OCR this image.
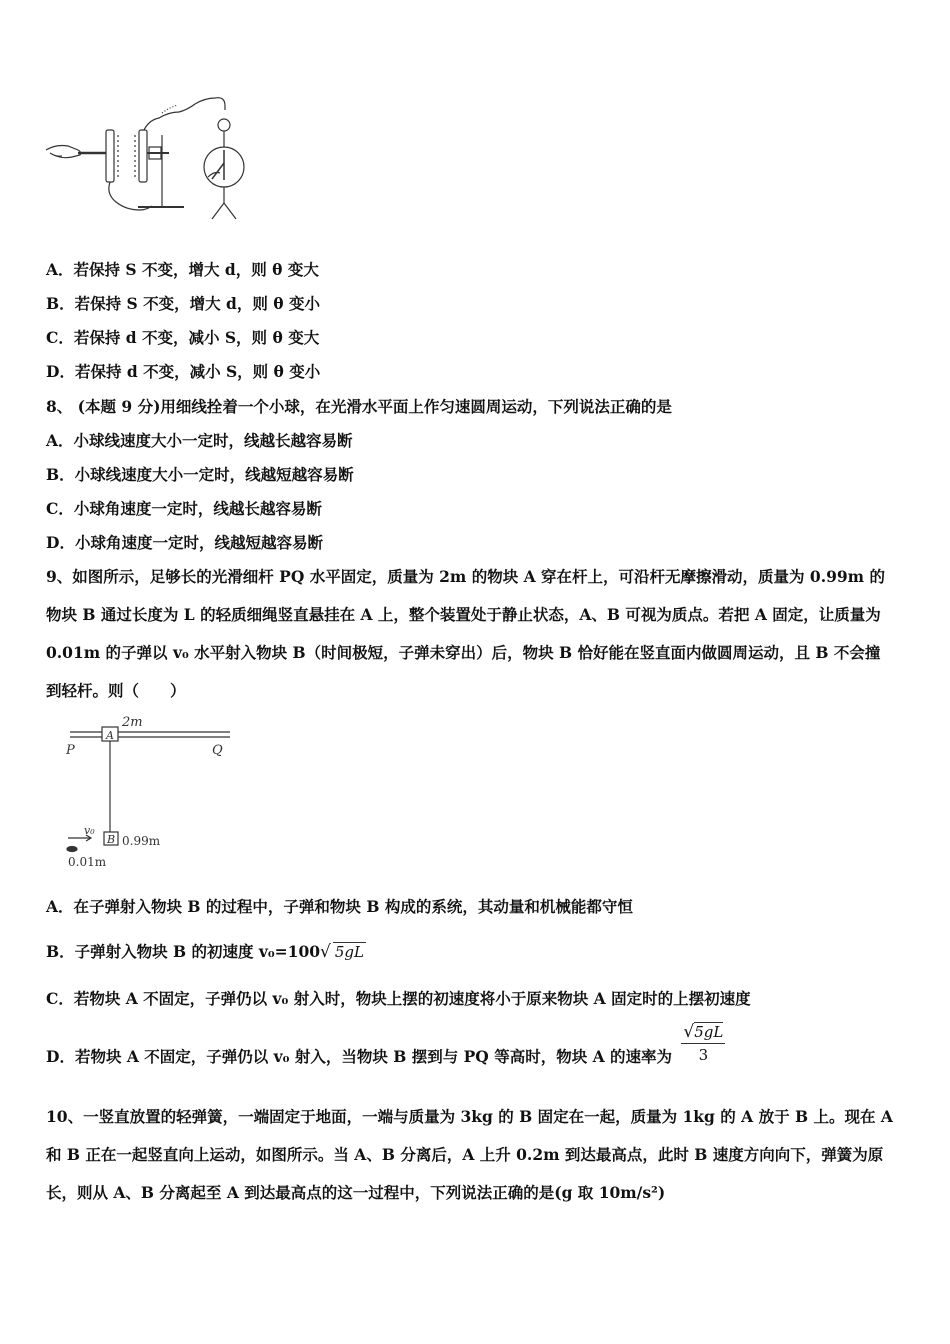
A．若保持 S 不变，增大 d，则 θ 变大
B．若保持 S 不变，增大 d，则 θ 变小
C．若保持 d 不变，减小 S，则 θ 变大
D．若保持 d 不变，减小 S，则 θ 变小
8、 (本题 9 分)用细线拴着一个小球，在光滑水平面上作匀速圆周运动，下列说法正确的是
A．小球线速度大小一定时，线越长越容易断
B．小球线速度大小一定时，线越短越容易断
C．小球角速度一定时，线越长越容易断
D．小球角速度一定时，线越短越容易断
9、如图所示，足够长的光滑细杆 PQ 水平固定，质量为 2m 的物块 A 穿在杆上，可沿杆无摩擦滑动，质量为 0.99m 的
物块 B 通过长度为 L 的轻质细绳竖直悬挂在 A 上，整个装置处于静止状态，A、B 可视为质点。若把 A 固定，让质量为
0.01m 的子弹以 v₀ 水平射入物块 B（时间极短，子弹未穿出）后，物块 B 恰好能在竖直面内做圆周运动，且 B 不会撞
到轻杆。则（　　）
2m
P	Q
A
B
v₀
0.01m
0.99m
A．在子弹射入物块 B 的过程中，子弹和物块 B 构成的系统，其动量和机械能都守恒
B．子弹射入物块 B 的初速度 v₀=100√ 5gL
C．若物块 A 不固定，子弹仍以 v₀ 射入时，物块上摆的初速度将小于原来物块 A 固定时的上摆初速度
D．若物块 A 不固定，子弹仍以 v₀ 射入，当物块 B 摆到与 PQ 等高时，物块 A 的速率为 $\frac{√5gL}{3}$
10、一竖直放置的轻弹簧，一端固定于地面，一端与质量为 3kg 的 B 固定在一起，质量为 1kg 的 A 放于 B 上。现在 A
和 B 正在一起竖直向上运动，如图所示。当 A、B 分离后，A 上升 0.2m 到达最高点，此时 B 速度方向向下，弹簧为原
长，则从 A、B 分离起至 A 到达最高点的这一过程中，下列说法正确的是(g 取 10m/s²)
